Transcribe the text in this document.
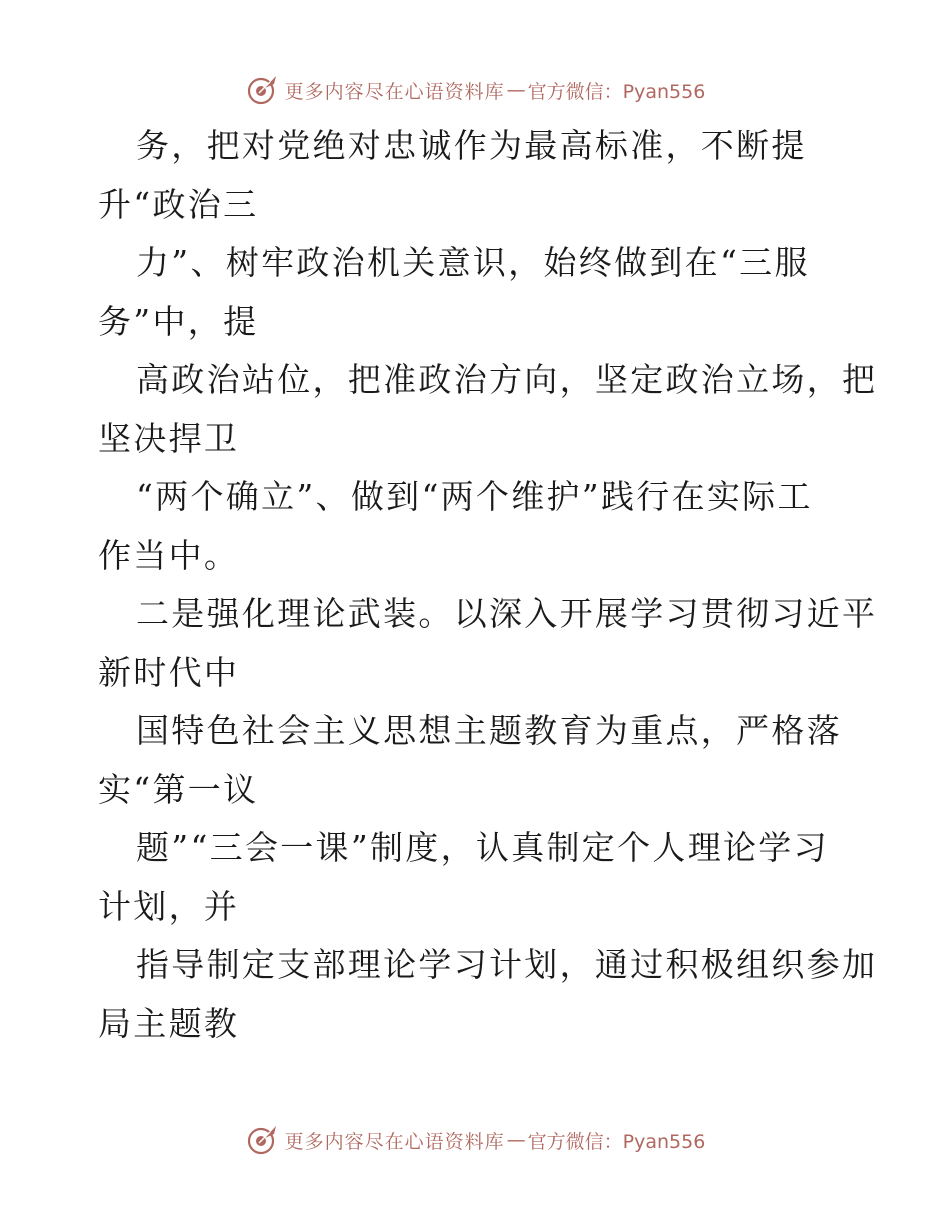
更多内容尽在心语资料库 — 官方微信：Pyan556
务，把对党绝对忠诚作为最高标准，不断提
升“政治三
力”、树牢政治机关意识，始终做到在“三服
务”中，提
高政治站位，把准政治方向，坚定政治立场，把
坚决捍卫
“两个确立”、做到“两个维护”践行在实际工
作当中。
二是强化理论武装。以深入开展学习贯彻习近平
新时代中
国特色社会主义思想主题教育为重点，严格落
实“第一议
题”“三会一课”制度，认真制定个人理论学习
计划，并
指导制定支部理论学习计划，通过积极组织参加
局主题教
更多内容尽在心语资料库 — 官方微信：Pyan556
